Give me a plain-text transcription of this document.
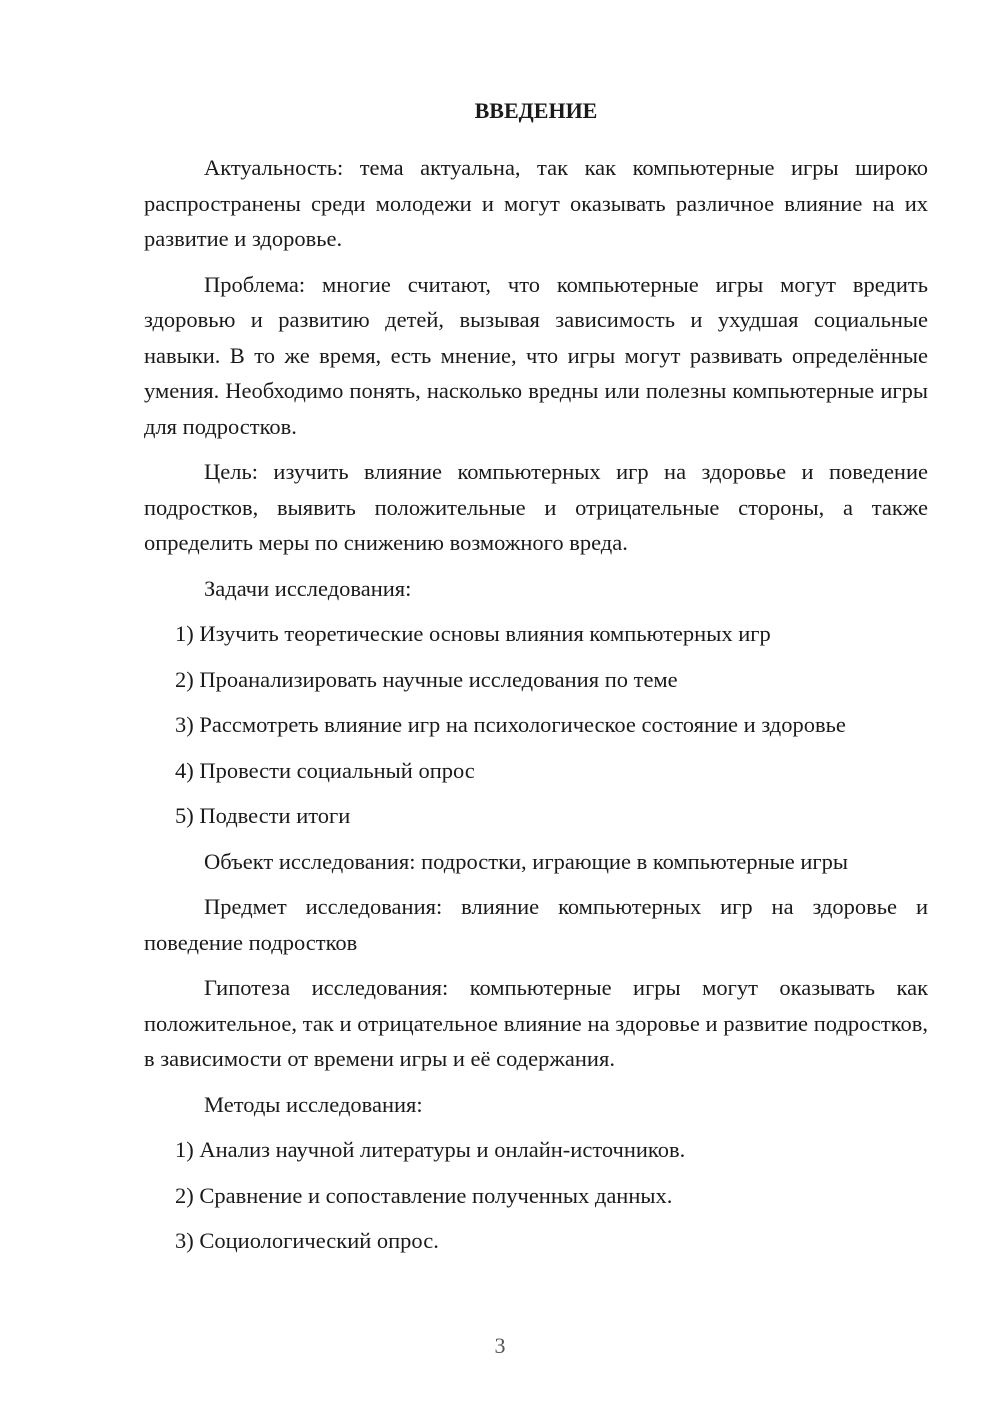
ВВЕДЕНИЕ

Актуальность: тема актуальна, так как компьютерные игры широко распространены среди молодежи и могут оказывать различное влияние на их развитие и здоровье.

Проблема: многие считают, что компьютерные игры могут вредить здоровью и развитию детей, вызывая зависимость и ухудшая социальные навыки. В то же время, есть мнение, что игры могут развивать определённые умения. Необходимо понять, насколько вредны или полезны компьютерные игры для подростков.

Цель: изучить влияние компьютерных игр на здоровье и поведение подростков, выявить положительные и отрицательные стороны, а также определить меры по снижению возможного вреда.

Задачи исследования:

1) Изучить теоретические основы влияния компьютерных игр
2) Проанализировать научные исследования по теме
3) Рассмотреть влияние игр на психологическое состояние и здоровье
4) Провести социальный опрос
5) Подвести итоги

Объект исследования: подростки, играющие в компьютерные игры

Предмет исследования: влияние компьютерных игр на здоровье и поведение подростков

Гипотеза исследования: компьютерные игры могут оказывать как положительное, так и отрицательное влияние на здоровье и развитие подростков, в зависимости от времени игры и её содержания.

Методы исследования:

1) Анализ научной литературы и онлайн-источников.
2) Сравнение и сопоставление полученных данных.
3) Социологический опрос.
3
